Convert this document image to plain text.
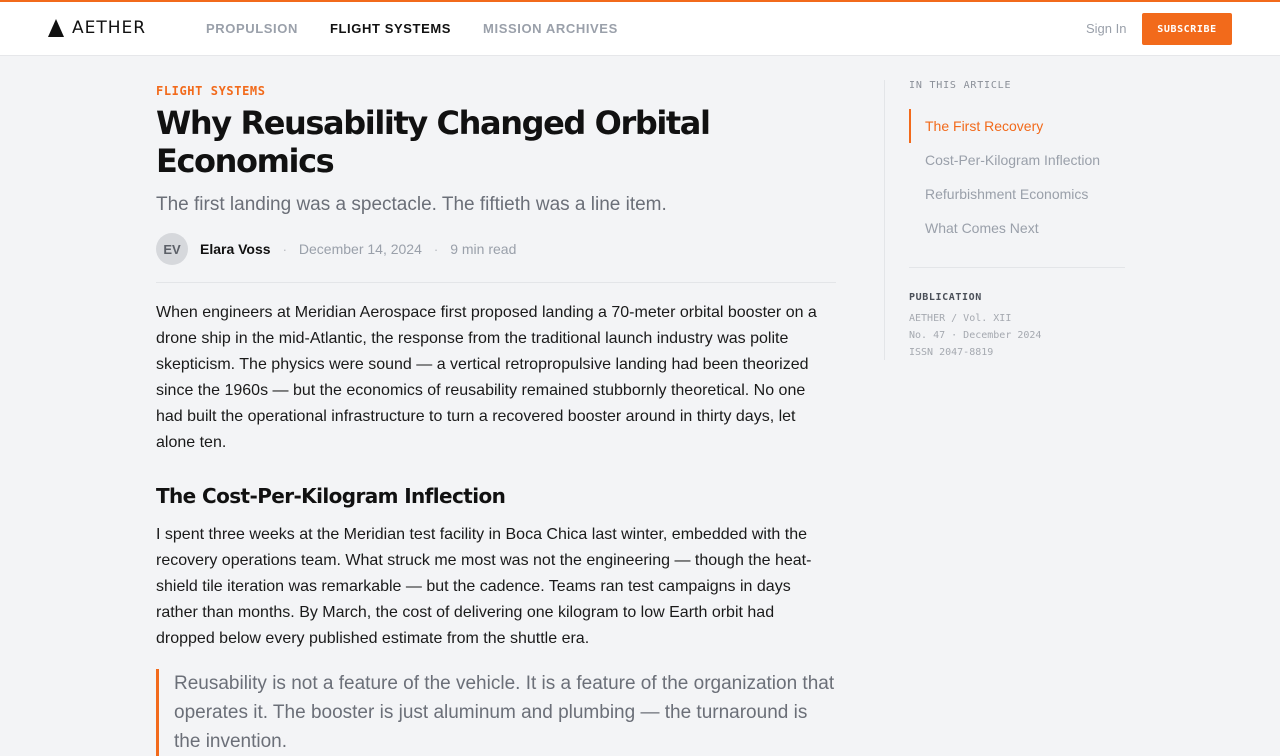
AETHER	PROPULSION FLIGHT SYSTEMS MISSION ARCHIVES	Sign In	SUBSCRIBE
FLIGHT SYSTEMS
Why Reusability Changed Orbital Economics

The first landing was a spectacle. The fiftieth was a line item.

EV	Elara Voss · December 14, 2024 · 9 min read

When engineers at Meridian Aerospace first proposed landing a 70-meter orbital booster on a drone ship in the mid-Atlantic, the response from the traditional launch industry was polite skepticism. The physics were sound — a vertical retropropulsive landing had been theorized since the 1960s — but the economics of reusability remained stubbornly theoretical. No one had built the operational infrastructure to turn a recovered booster around in thirty days, let alone ten.

The Cost-Per-Kilogram Inflection

I spent three weeks at the Meridian test facility in Boca Chica last winter, embedded with the recovery operations team. What struck me most was not the engineering — though the heat-shield tile iteration was remarkable — but the cadence. Teams ran test campaigns in days rather than months. By March, the cost of delivering one kilogram to low Earth orbit had dropped below every published estimate from the shuttle era.

Reusability is not a feature of the vehicle. It is a feature of the organization that operates it. The booster is just aluminum and plumbing — the turnaround is the invention.
IN THIS ARTICLE
The First Recovery
Cost-Per-Kilogram Inflection
Refurbishment Economics
What Comes Next
PUBLICATION
AETHER / Vol. XII
No. 47 · December 2024
ISSN 2047-8819
